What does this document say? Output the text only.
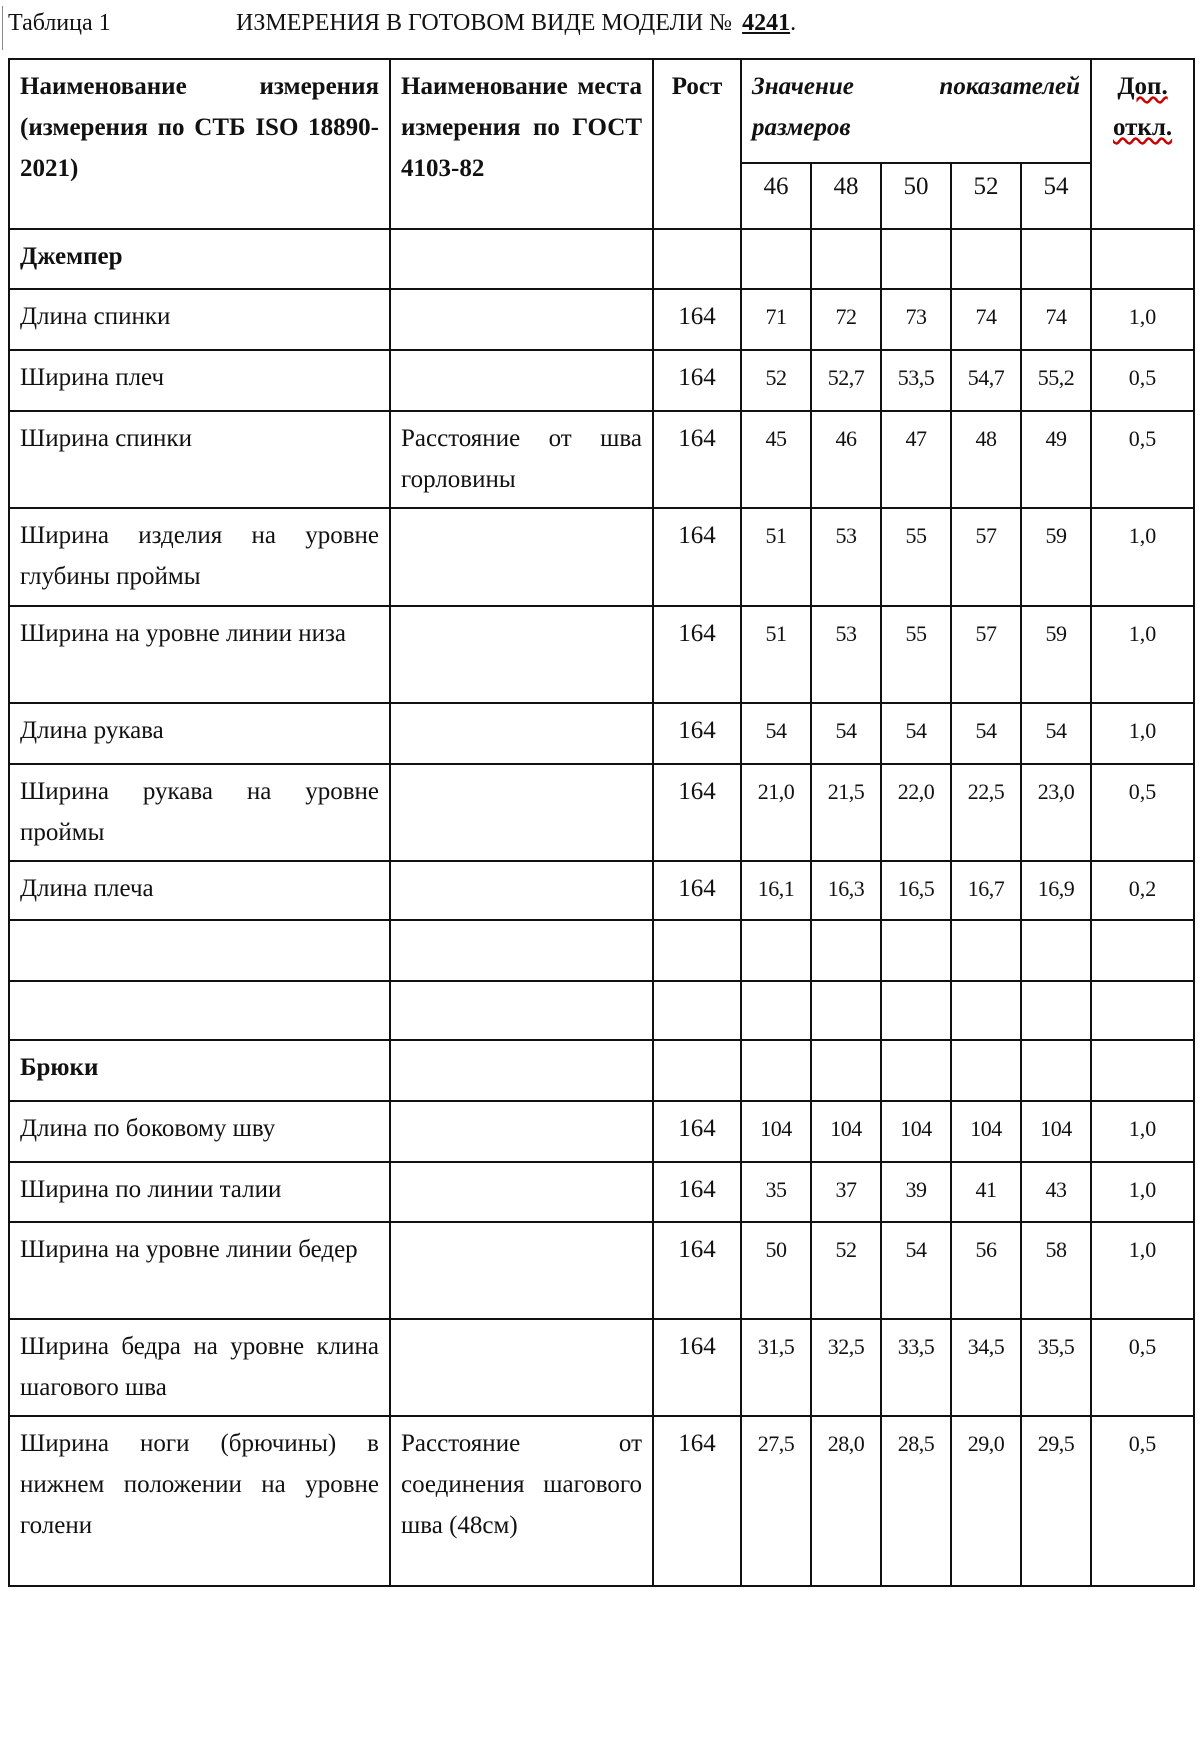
Таблица 1	ИЗМЕРЕНИЯ В ГОТОВОМ ВИДЕ МОДЕЛИ № 4241.
Наименование измерения (измерения по СТБ ISO 18890-2021)	Наименование места измерения по ГОСТ 4103-82	Рост	Значение показателей размеров					Доп. откл.
			46	48	50	52	54	
Джемпер								
Длина спинки		164	71	72	73	74	74	1,0
Ширина плеч		164	52	52,7	53,5	54,7	55,2	0,5
Ширина спинки	Расстояние от шва горловины	164	45	46	47	48	49	0,5
Ширина изделия на уровне глубины проймы		164	51	53	55	57	59	1,0
Ширина на уровне линии низа		164	51	53	55	57	59	1,0
Длина рукава		164	54	54	54	54	54	1,0
Ширина рукава на уровне проймы		164	21,0	21,5	22,0	22,5	23,0	0,5
Длина плеча		164	16,1	16,3	16,5	16,7	16,9	0,2

Брюки								
Длина по боковому шву		164	104	104	104	104	104	1,0
Ширина по линии талии		164	35	37	39	41	43	1,0
Ширина на уровне линии бедер		164	50	52	54	56	58	1,0
Ширина бедра на уровне клина шагового шва		164	31,5	32,5	33,5	34,5	35,5	0,5
Ширина ноги (брючины) в нижнем положении на уровне голени	Расстояние от соединения шагового шва (48см)	164	27,5	28,0	28,5	29,0	29,5	0,5
